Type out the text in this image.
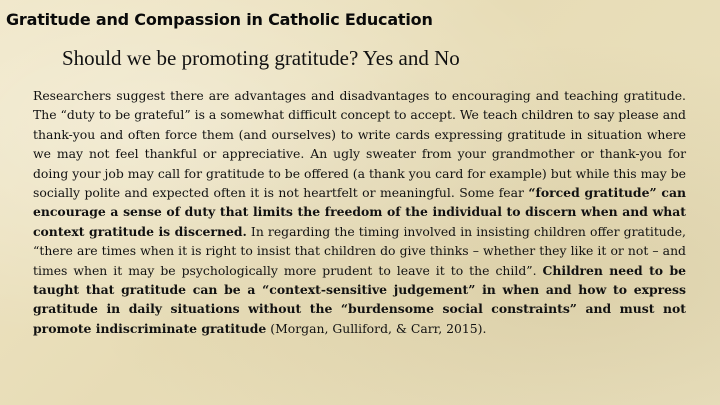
Gratitude and Compassion in Catholic Education
Should we be promoting gratitude? Yes and No

Researchers suggest there are advantages and disadvantages to encouraging and teaching gratitude. The “duty to be grateful” is a somewhat difficult concept to accept. We teach children to say please and thank-you and often force them (and ourselves) to write cards expressing gratitude in situation where we may not feel thankful or appreciative. An ugly sweater from your grandmother or thank-you for doing your job may call for gratitude to be offered (a thank you card for example) but while this may be socially polite and expected often it is not heartfelt or meaningful. Some fear “forced gratitude” can encourage a sense of duty that limits the freedom of the individual to discern when and what context gratitude is discerned. In regarding the timing involved in insisting children offer gratitude, “there are times when it is right to insist that children do give thinks – whether they like it or not – and times when it may be psychologically more prudent to leave it to the child”. Children need to be taught that gratitude can be a “context-sensitive judgement” in when and how to express gratitude in daily situations without the “burdensome social constraints” and must not promote indiscriminate gratitude (Morgan, Gulliford, & Carr, 2015).
